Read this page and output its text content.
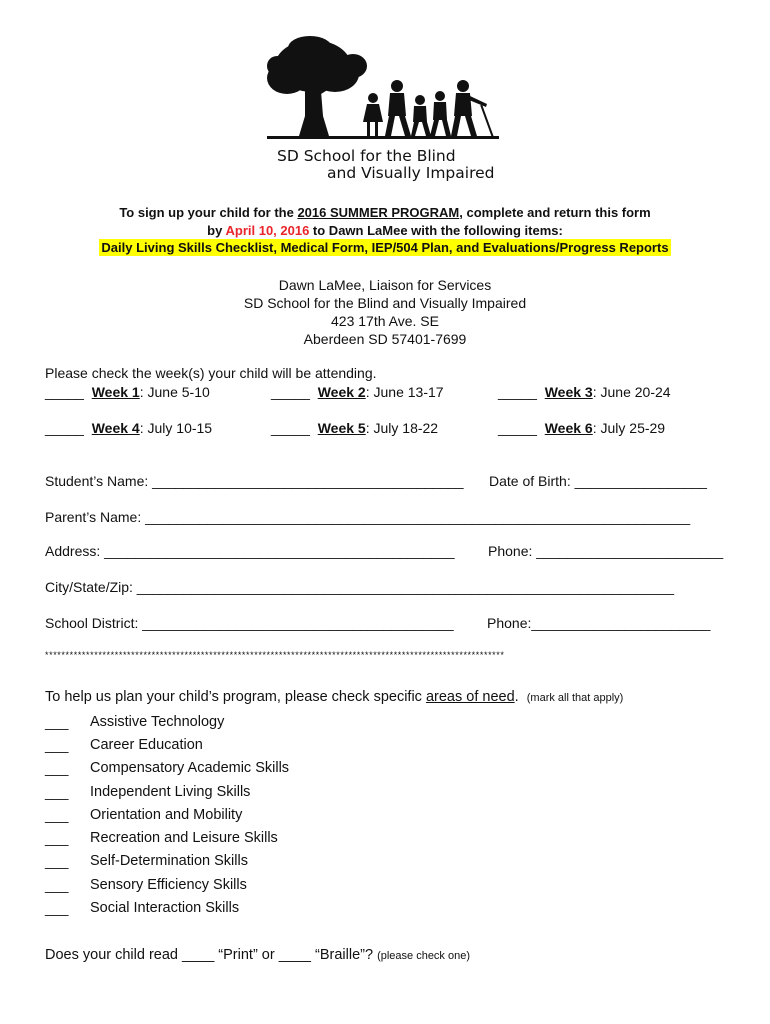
SD School for the Blind
and Visually Impaired
To sign up your child for the 2016 SUMMER PROGRAM, complete and return this form
by April 10, 2016 to Dawn LaMee with the following items:
Daily Living Skills Checklist, Medical Form, IEP/504 Plan, and Evaluations/Progress Reports
Dawn LaMee, Liaison for Services
SD School for the Blind and Visually Impaired
423 17th Ave. SE
Aberdeen SD 57401-7699
Please check the week(s) your child will be attending.
_____ Week 1: June 5-10	_____ Week 2: June 13-17	_____ Week 3: June 20-24
_____ Week 4: July 10-15	_____ Week 5: July 18-22	_____ Week 6: July 25-29
Student’s Name: ________________________________________ Date of Birth: _________________
Parent’s Name: ______________________________________________________________________
Address: _____________________________________________ Phone: ________________________
City/State/Zip: _____________________________________________________________________
School District: ________________________________________ Phone:_______________________
****************************************************************************************************************
To help us plan your child’s program, please check specific areas of need. (mark all that apply)
___ Assistive Technology
___ Career Education
___ Compensatory Academic Skills
___ Independent Living Skills
___ Orientation and Mobility
___ Recreation and Leisure Skills
___ Self-Determination Skills
___ Sensory Efficiency Skills
___ Social Interaction Skills
Does your child read ____ “Print” or ____ “Braille”? (please check one)
